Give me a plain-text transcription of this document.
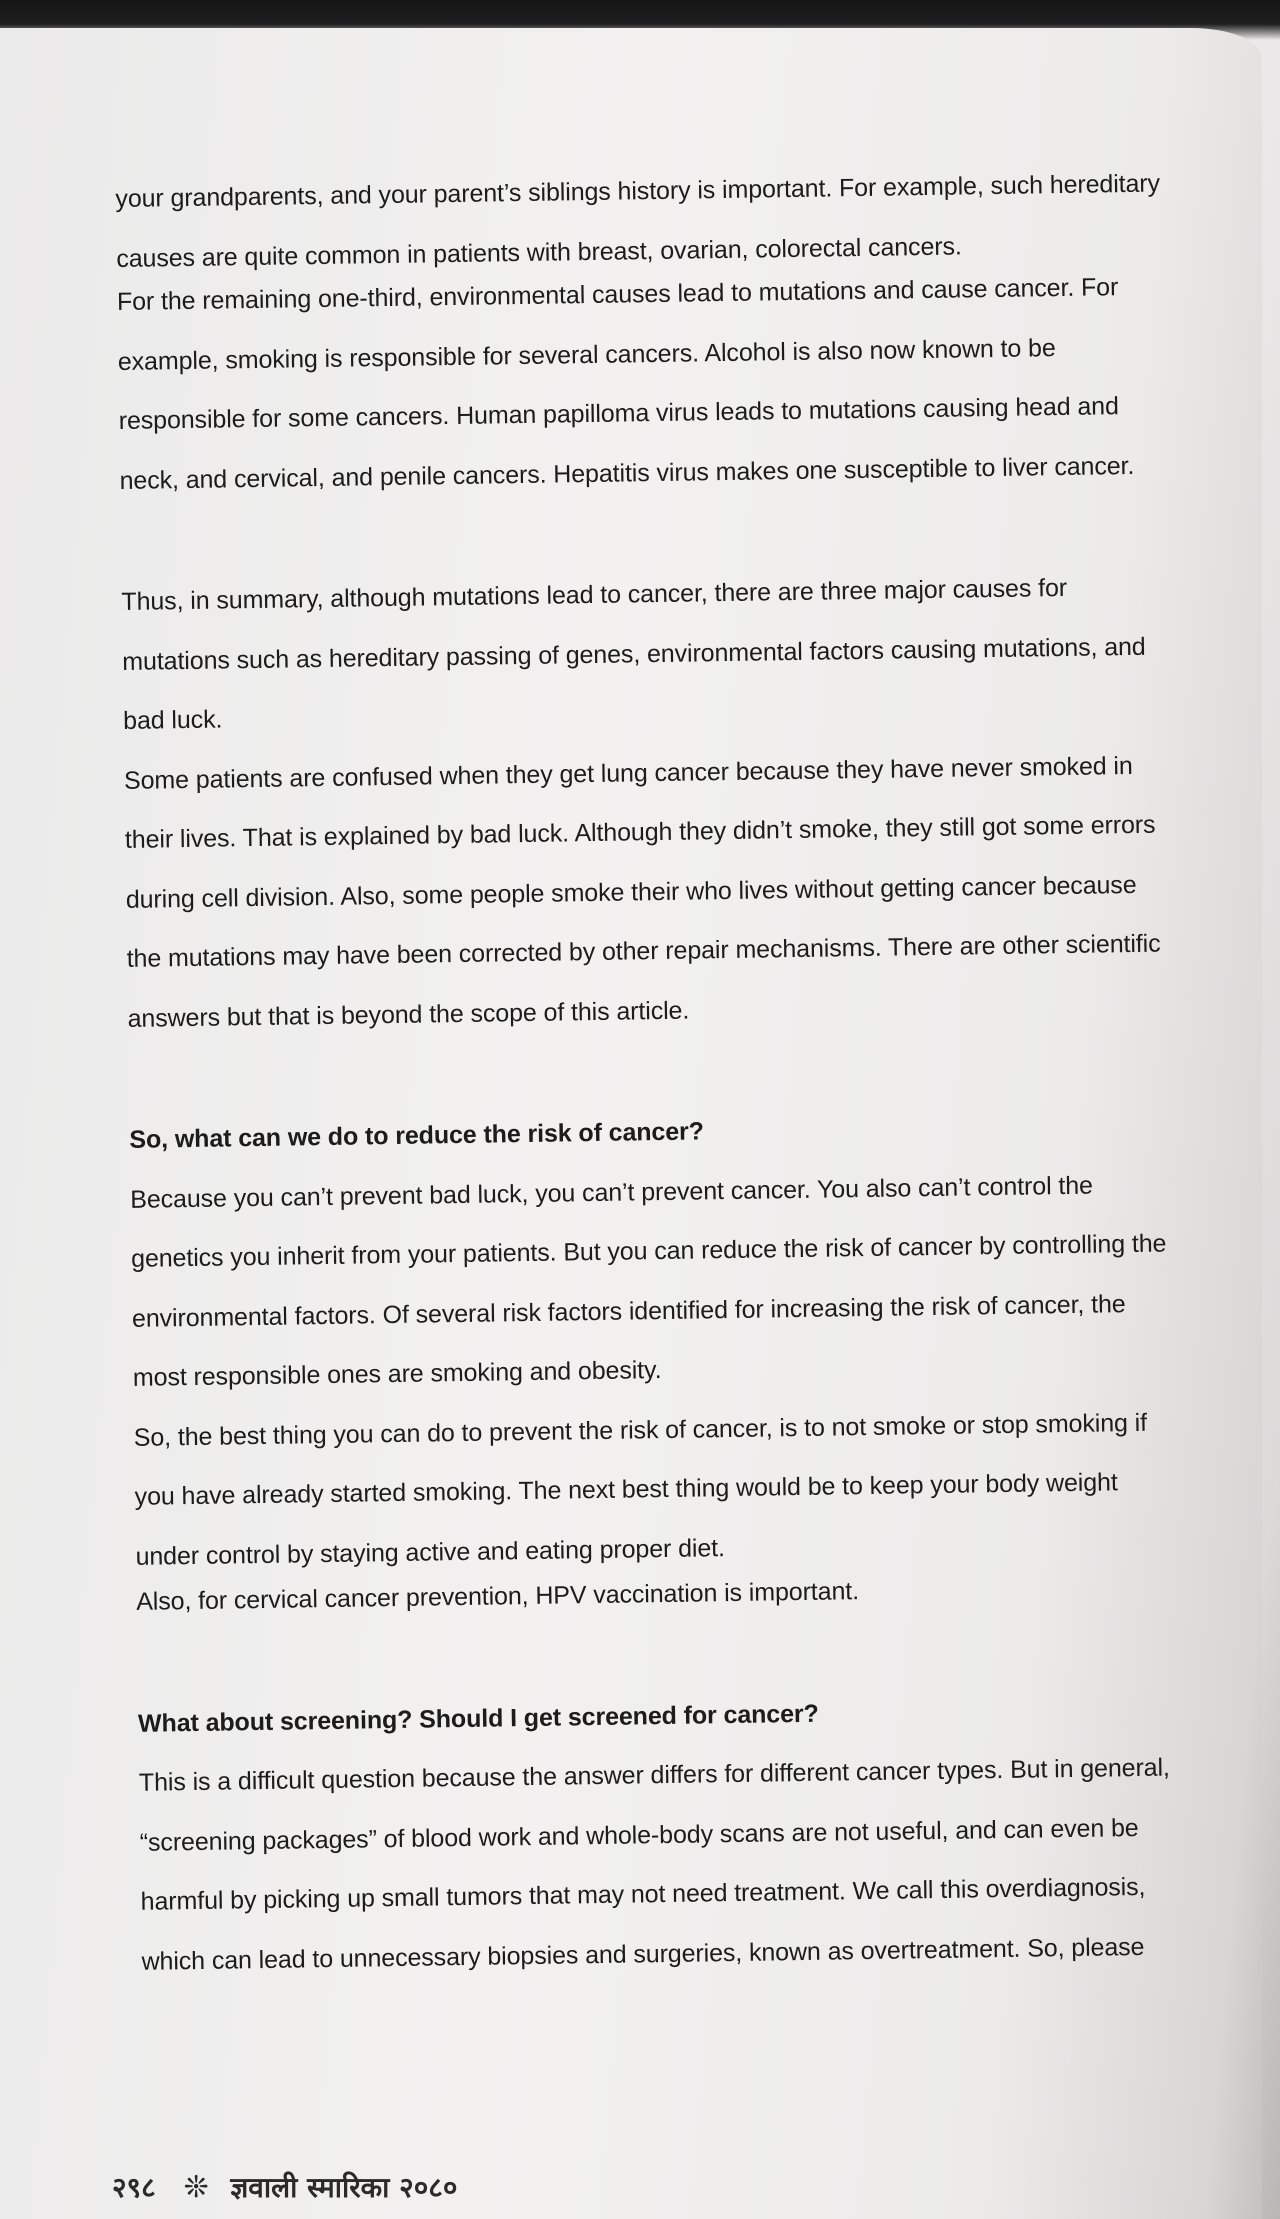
your grandparents, and your parent’s siblings history is important. For example, such hereditary
causes are quite common in patients with breast, ovarian, colorectal cancers.
For the remaining one-third, environmental causes lead to mutations and cause cancer. For
example, smoking is responsible for several cancers. Alcohol is also now known to be
responsible for some cancers. Human papilloma virus leads to mutations causing head and
neck, and cervical, and penile cancers. Hepatitis virus makes one susceptible to liver cancer.
Thus, in summary, although mutations lead to cancer, there are three major causes for
mutations such as hereditary passing of genes, environmental factors causing mutations, and
bad luck.
Some patients are confused when they get lung cancer because they have never smoked in
their lives. That is explained by bad luck. Although they didn’t smoke, they still got some errors
during cell division. Also, some people smoke their who lives without getting cancer because
the mutations may have been corrected by other repair mechanisms. There are other scientific
answers but that is beyond the scope of this article.
So, what can we do to reduce the risk of cancer?
Because you can’t prevent bad luck, you can’t prevent cancer. You also can’t control the
genetics you inherit from your patients. But you can reduce the risk of cancer by controlling the
environmental factors. Of several risk factors identified for increasing the risk of cancer, the
most responsible ones are smoking and obesity.
So, the best thing you can do to prevent the risk of cancer, is to not smoke or stop smoking if
you have already started smoking. The next best thing would be to keep your body weight
under control by staying active and eating proper diet.
Also, for cervical cancer prevention, HPV vaccination is important.
What about screening? Should I get screened for cancer?
This is a difficult question because the answer differs for different cancer types. But in general,
“screening packages” of blood work and whole-body scans are not useful, and can even be
harmful by picking up small tumors that may not need treatment. We call this overdiagnosis,
which can lead to unnecessary biopsies and surgeries, known as overtreatment. So, please
२९८ ❊ ज्ञवाली स्मारिका २०८०
